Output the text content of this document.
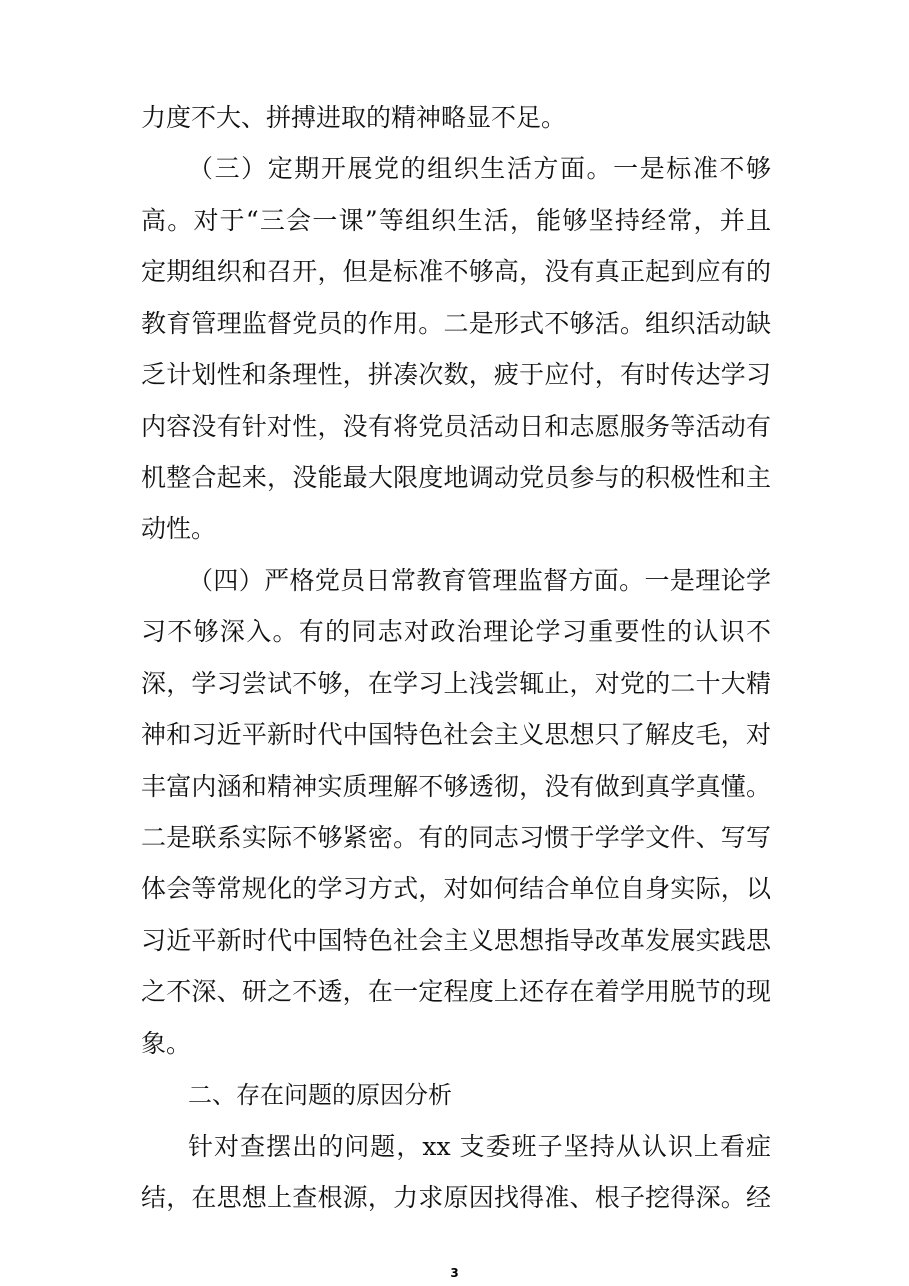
力度不大、拼搏进取的精神略显不足。
（三）定期开展党的组织生活方面。一是标准不够
高。对于“三会一课”等组织生活，能够坚持经常，并且
定期组织和召开，但是标准不够高，没有真正起到应有的
教育管理监督党员的作用。二是形式不够活。组织活动缺
乏计划性和条理性，拼凑次数，疲于应付，有时传达学习
内容没有针对性，没有将党员活动日和志愿服务等活动有
机整合起来，没能最大限度地调动党员参与的积极性和主
动性。
（四）严格党员日常教育管理监督方面。一是理论学
习不够深入。有的同志对政治理论学习重要性的认识不
深，学习尝试不够，在学习上浅尝辄止，对党的二十大精
神和习近平新时代中国特色社会主义思想只了解皮毛，对
丰富内涵和精神实质理解不够透彻，没有做到真学真懂。
二是联系实际不够紧密。有的同志习惯于学学文件、写写
体会等常规化的学习方式，对如何结合单位自身实际，以
习近平新时代中国特色社会主义思想指导改革发展实践思
之不深、研之不透，在一定程度上还存在着学用脱节的现
象。
二、存在问题的原因分析
针对查摆出的问题，xx 支委班子坚持从认识上看症
结，在思想上查根源，力求原因找得准、根子挖得深。经
3
